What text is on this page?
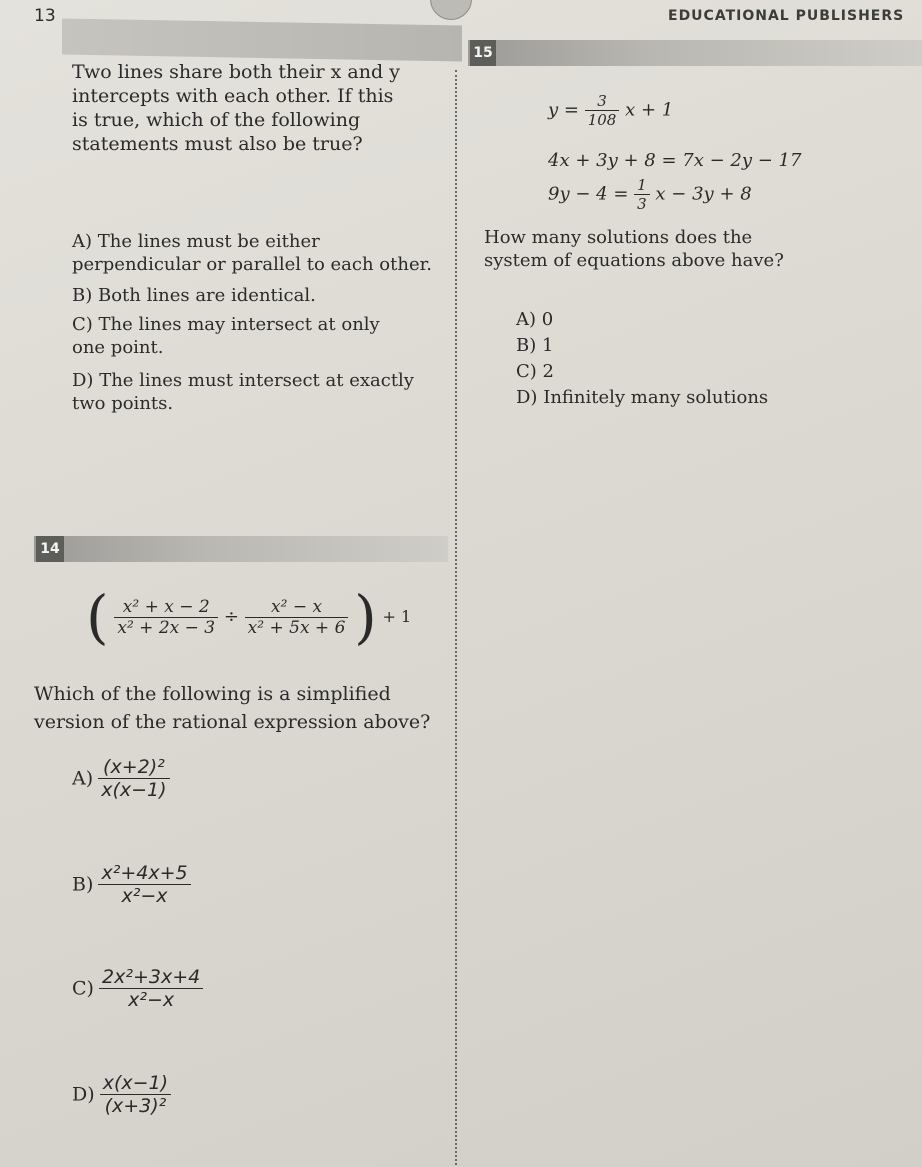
13	EDUCATIONAL PUBLISHERS
Two lines share both their x and y intercepts with each other. If this is true, which of the following statements must also be true?
A) The lines must be either perpendicular or parallel to each other.
B) Both lines are identical.
C) The lines may intersect at only one point.
D) The lines must intersect at exactly two points.
15
$y = \frac{3}{108}$ x + 1
4x + 3y + 8 = 7x − 2y − 17
$9y - 4 = \frac{1}{3}$ x − 3y + 8
How many solutions does the system of equations above have?
A) 0
B) 1
C) 2
D) Infinitely many solutions
14
( $\frac{\text{x² + x − 2}}{\text{x² + 2x − 3}} \div \frac{\text{x² − x}}{\text{x² + 5x + 6}}$ ) + 1
Which of the following is a simplified version of the rational expression above?
$A) \frac{\text{(x+2)²}}{x(x-1)}$
$B) \frac{\text{x²+4x+5}}{\text{x²−x}}$
$C) \frac{\text{2x²+3x+4}}{\text{x²−x}}$
$D) \frac{x(x-1)}{\text{(x+3)²}}$
